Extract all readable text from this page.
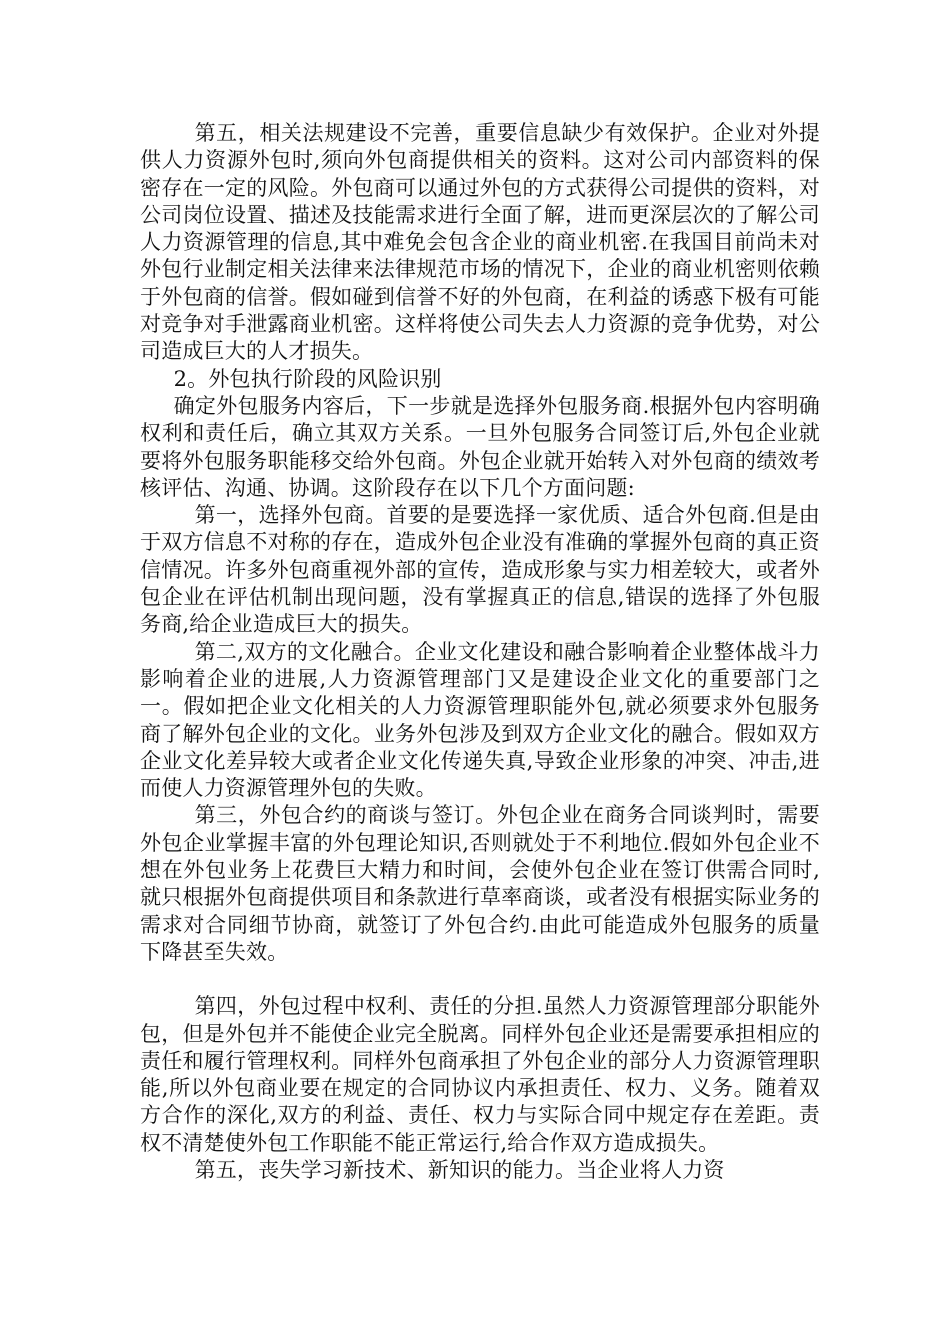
第五，相关法规建设不完善，重要信息缺少有效保护。企业对外提供人力资源外包时,须向外包商提供相关的资料。这对公司内部资料的保密存在一定的风险。外包商可以通过外包的方式获得公司提供的资料，对公司岗位设置、描述及技能需求进行全面了解，进而更深层次的了解公司人力资源管理的信息,其中难免会包含企业的商业机密.在我国目前尚未对外包行业制定相关法律来法律规范市场的情况下，企业的商业机密则依赖于外包商的信誉。假如碰到信誉不好的外包商，在利益的诱惑下极有可能对竞争对手泄露商业机密。这样将使公司失去人力资源的竞争优势，对公司造成巨大的人才损失。

2。外包执行阶段的风险识别

确定外包服务内容后，下一步就是选择外包服务商.根据外包内容明确权利和责任后，确立其双方关系。一旦外包服务合同签订后,外包企业就要将外包服务职能移交给外包商。外包企业就开始转入对外包商的绩效考核评估、沟通、协调。这阶段存在以下几个方面问题:

第一，选择外包商。首要的是要选择一家优质、适合外包商.但是由于双方信息不对称的存在，造成外包企业没有准确的掌握外包商的真正资信情况。许多外包商重视外部的宣传，造成形象与实力相差较大，或者外包企业在评估机制出现问题，没有掌握真正的信息,错误的选择了外包服务商,给企业造成巨大的损失。

第二,双方的文化融合。企业文化建设和融合影响着企业整体战斗力影响着企业的进展,人力资源管理部门又是建设企业文化的重要部门之一。假如把企业文化相关的人力资源管理职能外包,就必须要求外包服务商了解外包企业的文化。业务外包涉及到双方企业文化的融合。假如双方企业文化差异较大或者企业文化传递失真,导致企业形象的冲突、冲击,进而使人力资源管理外包的失败。

第三，外包合约的商谈与签订。外包企业在商务合同谈判时，需要外包企业掌握丰富的外包理论知识,否则就处于不利地位.假如外包企业不想在外包业务上花费巨大精力和时间，会使外包企业在签订供需合同时,就只根据外包商提供项目和条款进行草率商谈，或者没有根据实际业务的需求对合同细节协商，就签订了外包合约.由此可能造成外包服务的质量下降甚至失效。

第四，外包过程中权利、责任的分担.虽然人力资源管理部分职能外包，但是外包并不能使企业完全脱离。同样外包企业还是需要承担相应的责任和履行管理权利。同样外包商承担了外包企业的部分人力资源管理职能,所以外包商业要在规定的合同协议内承担责任、权力、义务。随着双方合作的深化,双方的利益、责任、权力与实际合同中规定存在差距。责权不清楚使外包工作职能不能正常运行,给合作双方造成损失。

第五，丧失学习新技术、新知识的能力。当企业将人力资
